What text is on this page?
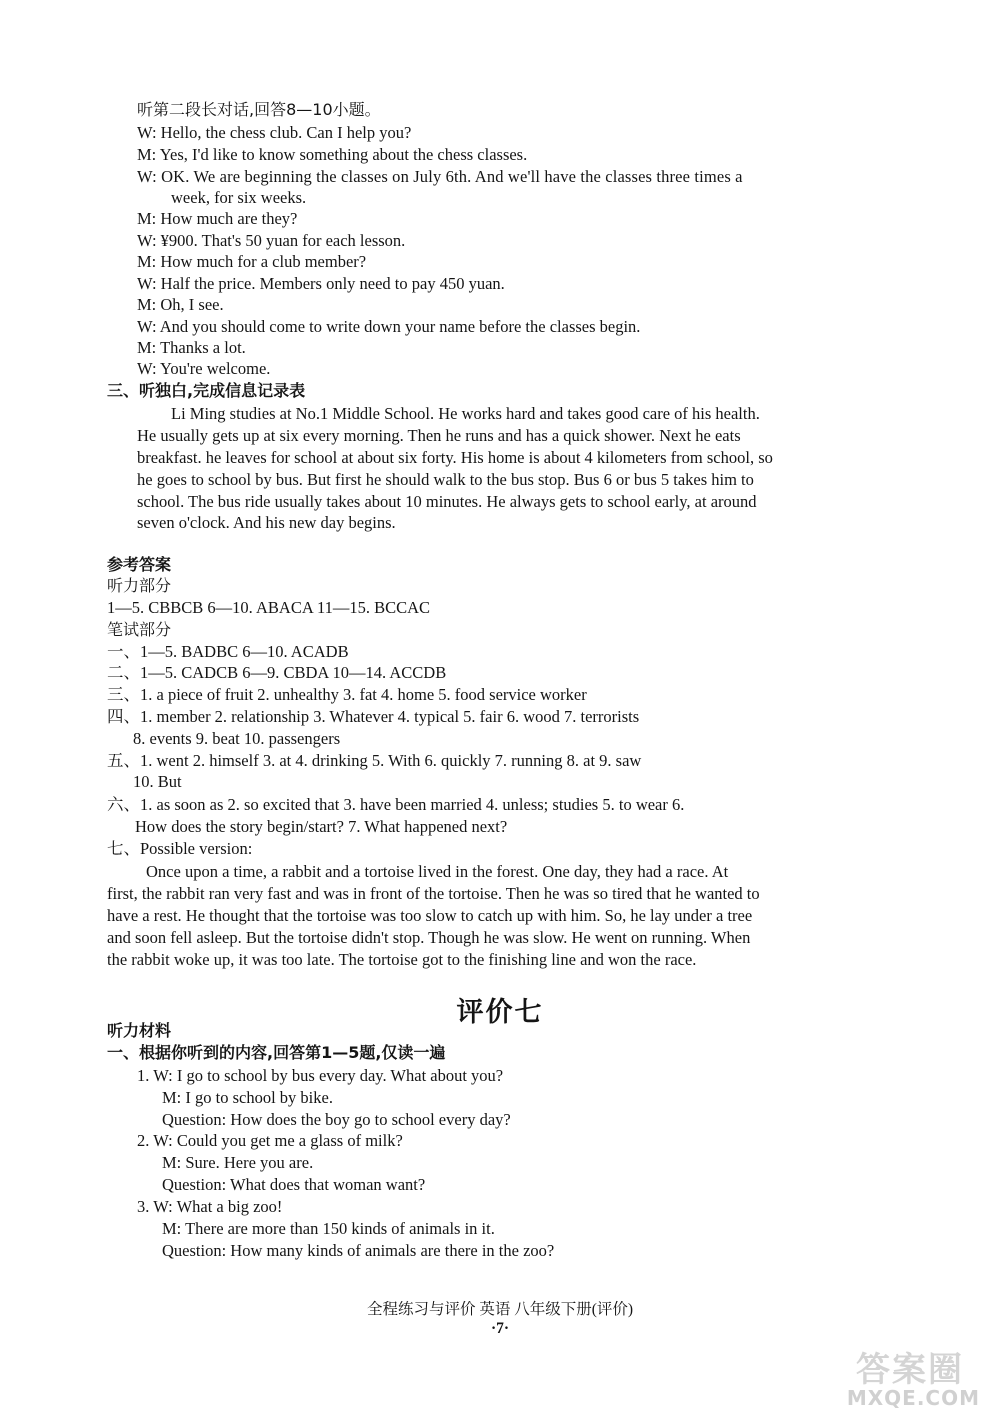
听第二段长对话,回答8—10小题。
W: Hello, the chess club. Can I help you?
M: Yes, I'd like to know something about the chess classes.
W: OK. We are beginning the classes on July 6th. And we'll have the classes three times a
week, for six weeks.
M: How much are they?
W: ¥900. That's 50 yuan for each lesson.
M: How much for a club member?
W: Half the price. Members only need to pay 450 yuan.
M: Oh, I see.
W: And you should come to write down your name before the classes begin.
M: Thanks a lot.
W: You're welcome.
三、听独白,完成信息记录表
Li Ming studies at No.1 Middle School. He works hard and takes good care of his health.
He usually gets up at six every morning. Then he runs and has a quick shower. Next he eats
breakfast. he leaves for school at about six forty. His home is about 4 kilometers from school, so
he goes to school by bus. But first he should walk to the bus stop. Bus 6 or bus 5 takes him to
school. The bus ride usually takes about 10 minutes. He always gets to school early, at around
seven o'clock. And his new day begins.
参考答案
听力部分
1—5. CBBCB 6—10. ABACA 11—15. BCCAC
笔试部分
一、1—5. BADBC 6—10. ACADB
二、1—5. CADCB 6—9. CBDA 10—14. ACCDB
三、1. a piece of fruit 2. unhealthy 3. fat 4. home 5. food service worker
四、1. member 2. relationship 3. Whatever 4. typical 5. fair 6. wood 7. terrorists
8. events 9. beat 10. passengers
五、1. went 2. himself 3. at 4. drinking 5. With 6. quickly 7. running 8. at 9. saw
10. But
六、1. as soon as 2. so excited that 3. have been married 4. unless; studies 5. to wear 6.
How does the story begin/start? 7. What happened next?
七、Possible version:
Once upon a time, a rabbit and a tortoise lived in the forest. One day, they had a race. At
first, the rabbit ran very fast and was in front of the tortoise. Then he was so tired that he wanted to
have a rest. He thought that the tortoise was too slow to catch up with him. So, he lay under a tree
and soon fell asleep. But the tortoise didn't stop. Though he was slow. He went on running. When
the rabbit woke up, it was too late. The tortoise got to the finishing line and won the race.
评价七
听力材料
一、根据你听到的内容,回答第1—5题,仅读一遍
1. W: I go to school by bus every day. What about you?
M: I go to school by bike.
Question: How does the boy go to school every day?
2. W: Could you get me a glass of milk?
M: Sure. Here you are.
Question: What does that woman want?
3. W: What a big zoo!
M: There are more than 150 kinds of animals in it.
Question: How many kinds of animals are there in the zoo?
全程练习与评价 英语 八年级下册(评价)
·7·
答案圈
MXQE.COM
